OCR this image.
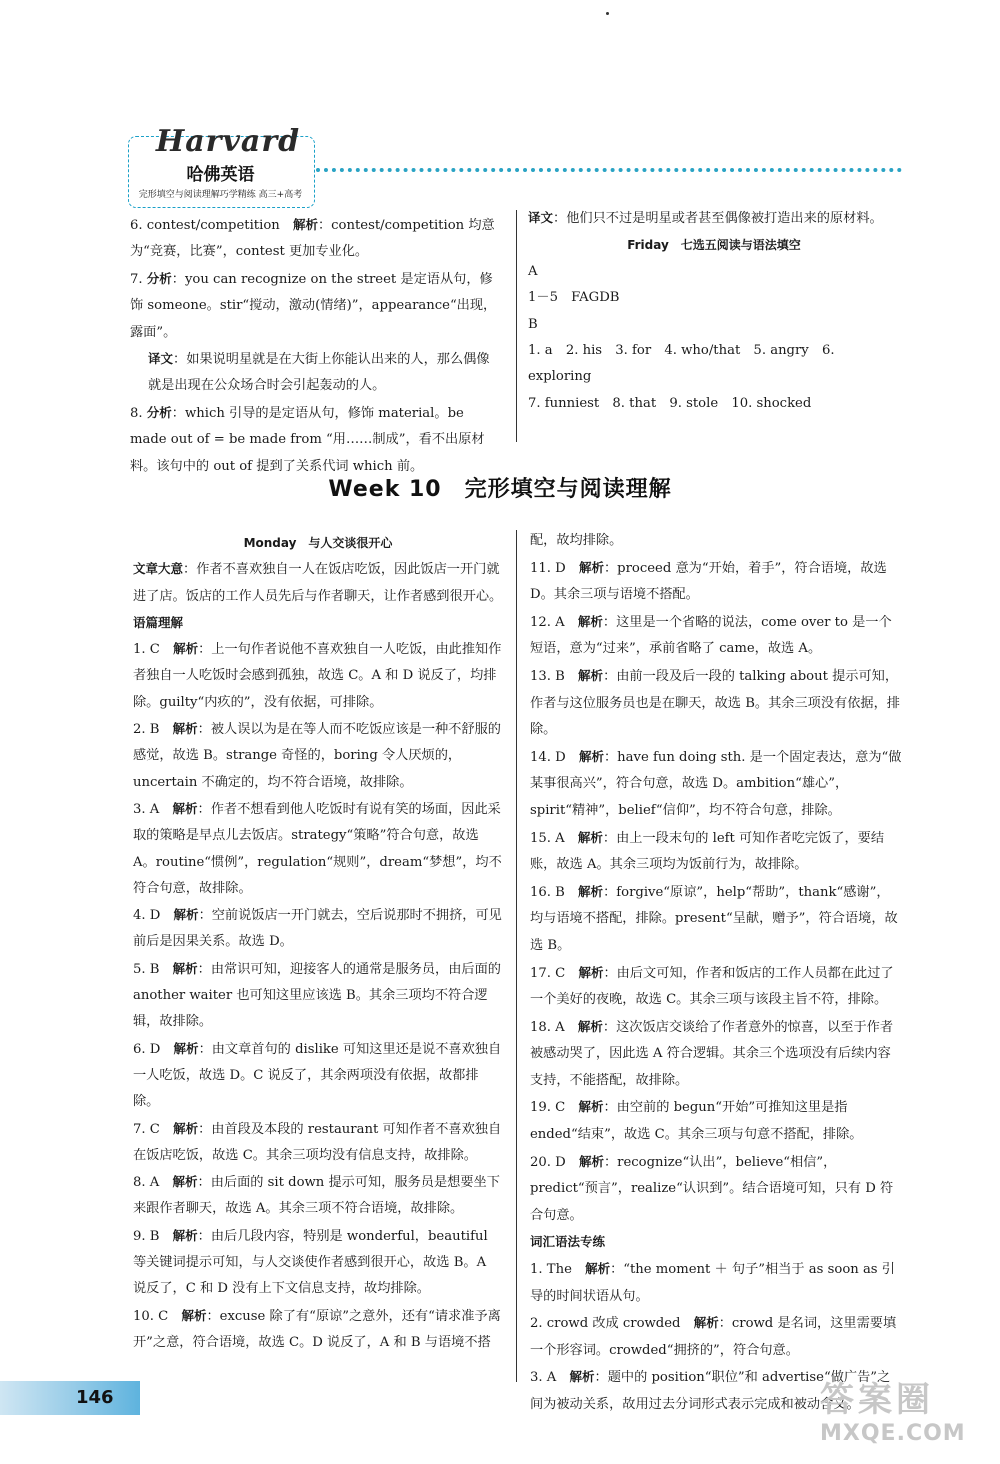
Harvard
哈佛英语
完形填空与阅读理解巧学精练 高三+高考

6. contest/competition　 解析：contest/competition 均意为“竞赛，比赛”，contest 更加专业化。

7. 分析：you can recognize on the street 是定语从句，修饰 someone。stir“搅动，激动(情绪)”，appearance“出现，露面”。

译文：如果说明星就是在大街上你能认出来的人，那么偶像就是出现在公众场合时会引起轰动的人。

8. 分析：which 引导的是定语从句，修饰 material。be made out of = be made from “用……制成”，看不出原材料。该句中的 out of 提到了关系代词 which 前。

译文：他们只不过是明星或者甚至偶像被打造出来的原材料。

Friday　七选五阅读与语法填空

A

1－5　FAGDB

B

1. a　2. his　3. for　4. who/that　5. angry　6. exploring

7. funniest　8. that　9. stole　10. shocked

Week 10　完形填空与阅读理解

Monday　与人交谈很开心

文章大意：作者不喜欢独自一人在饭店吃饭，因此饭店一开门就进了店。饭店的工作人员先后与作者聊天，让作者感到很开心。

语篇理解

1. C　 解析：上一句作者说他不喜欢独自一人吃饭，由此推知作者独自一人吃饭时会感到孤独，故选 C。A 和 D 说反了，均排除。guilty“内疚的”，没有依据，可排除。

2. B　 解析：被人误以为是在等人而不吃饭应该是一种不舒服的感觉，故选 B。strange 奇怪的，boring 令人厌烦的，uncertain 不确定的，均不符合语境，故排除。

3. A　 解析：作者不想看到他人吃饭时有说有笑的场面，因此采取的策略是早点儿去饭店。strategy“策略”符合句意，故选 A。routine“惯例”，regulation“规则”，dream“梦想”，均不符合句意，故排除。

4. D　 解析：空前说饭店一开门就去，空后说那时不拥挤，可见前后是因果关系。故选 D。

5. B　 解析：由常识可知，迎接客人的通常是服务员，由后面的 another waiter 也可知这里应该选 B。其余三项均不符合逻辑，故排除。

6. D　 解析：由文章首句的 dislike 可知这里还是说不喜欢独自一人吃饭，故选 D。C 说反了，其余两项没有依据，故都排除。

7. C　 解析：由首段及本段的 restaurant 可知作者不喜欢独自在饭店吃饭，故选 C。其余三项均没有信息支持，故排除。

8. A　 解析：由后面的 sit down 提示可知，服务员是想要坐下来跟作者聊天，故选 A。其余三项不符合语境，故排除。

9. B　 解析：由后几段内容，特别是 wonderful，beautiful 等关键词提示可知，与人交谈使作者感到很开心，故选 B。A 说反了，C 和 D 没有上下文信息支持，故均排除。

10. C　 解析：excuse 除了有“原谅”之意外，还有“请求准予离开”之意，符合语境，故选 C。D 说反了，A 和 B 与语境不搭

配，故均排除。

11. D　 解析：proceed 意为“开始，着手”，符合语境，故选 D。其余三项与语境不搭配。

12. A　 解析：这里是一个省略的说法，come over to 是一个短语，意为“过来”，承前省略了 came，故选 A。

13. B　 解析：由前一段及后一段的 talking about 提示可知，作者与这位服务员也是在聊天，故选 B。其余三项没有依据，排除。

14. D　 解析：have fun doing sth. 是一个固定表达，意为“做某事很高兴”，符合句意，故选 D。ambition“雄心”，spirit“精神”，belief“信仰”，均不符合句意，排除。

15. A　 解析：由上一段末句的 left 可知作者吃完饭了，要结账，故选 A。其余三项均为饭前行为，故排除。

16. B　 解析：forgive“原谅”，help“帮助”，thank“感谢”，均与语境不搭配，排除。present“呈献，赠予”，符合语境，故选 B。

17. C　 解析：由后文可知，作者和饭店的工作人员都在此过了一个美好的夜晚，故选 C。其余三项与该段主旨不符，排除。

18. A　 解析：这次饭店交谈给了作者意外的惊喜，以至于作者被感动哭了，因此选 A 符合逻辑。其余三个选项没有后续内容支持，不能搭配，故排除。

19. C　 解析：由空前的 begun“开始”可推知这里是指 ended“结束”，故选 C。其余三项与句意不搭配，排除。

20. D　 解析：recognize“认出”，believe“相信”，predict“预言”，realize“认识到”。结合语境可知，只有 D 符合句意。

词汇语法专练

1. The　 解析：“the moment ＋ 句子”相当于 as soon as 引导的时间状语从句。

2. crowd 改成 crowded　 解析：crowd 是名词，这里需要填一个形容词。crowded“拥挤的”，符合句意。

3. A　 解析：题中的 position“职位”和 advertise“做广告”之间为被动关系，故用过去分词形式表示完成和被动含义。

146	答案圈
MXQE.COM
